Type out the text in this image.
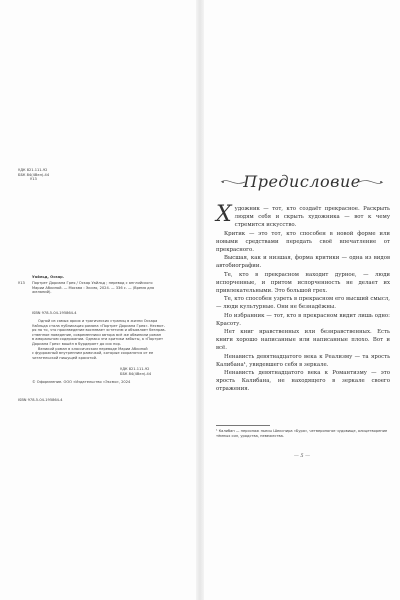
УДК 821.111-92
ББК 84(4Вел)-44
У13
Уайльд, Оскар.
У13	Портрет Дориана Грея / Оскар Уайльд ; перевод с английского
Марии Абкиной. — Москва : Эксмо, 2024. — 336 с. — (Время для
желаний).
ISBN 978-5-04-195864-4
Одной из самых ярких и трагических страниц в жизни Оскара
Уайльда стала публикация романа «Портрет Дориана Грея». Несмот-
ря на то, что произведение воспевает эстетизм и объявляет безнрав-
ственное поведение, современники автора всё же обвинили роман
в аморальном содержании. Однако эти критики забыты, а «Портрет
Дориана Грея» вошёл в бурдерант до сих пор.
Великий роман в классическом переводе Марии Абкиной
с фурражный внутренним рамочкой, которые сохранятся от ее
читательской пишущей красотой.
УДК 821.111-92
ББК 84(4Вел)-44
© Оформление. ООО «Издательство «Эксмо», 2024
ISBN 978-5-04-195864-4
Предисловие

Художник — тот, кто создаёт прекрасное. Раскрыть людям себя и скрыть художника — вот к чему стремится искусство.

Критик — это тот, кто способен в новой форме или новыми средствами передать своё впечатление от прекрасного.

Высшая, как и низшая, форма критики — одна из видов автобиографии.

Те, кто в прекрасном находит дурное, — люди испорченные, и притом испорченность не делает их привлекательными. Это большой грех.

Те, кто способен узреть в прекрасном его высший смысл, — люди культурные. Они не безнадёжны.

Но избранник — тот, кто в прекрасном видит лишь одно: Красоту.

Нет книг нравственных или безнравственных. Есть книги хорошо написанные или написанные плохо. Вот и всё.

Ненависть девятнадцатого века к Реализму — та ярость Калибана¹, увидевшего себя в зеркале.

Ненависть девятнадцатого века к Романтизму — это ярость Калибана, не находящего в зеркале своего отражения.

¹ Калибан — персонаж пьесы Шекспира «Буря», четвероногое чудовище, олицетворение тёмных сил, уродства, невежества.
— 5 —
